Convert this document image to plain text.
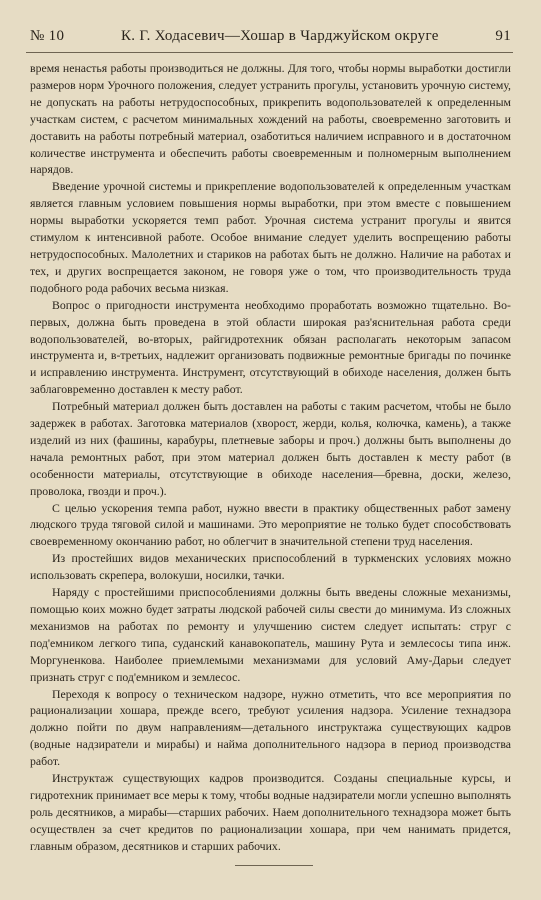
№ 10	К. Г. Ходасевич—Хошар в Чарджуйском округе	91

время ненастья работы производиться не должны. Для того, чтобы нормы выработки достигли размеров норм Урочного положения, следует устранить прогулы, установить урочную систему, не допускать на работы нетрудоспособных, прикрепить водопользователей к определенным участкам систем, с расчетом минимальных хождений на работы, своевременно заготовить и доставить на работы потребный материал, озаботиться наличием исправного и в достаточном количестве инструмента и обеспечить работы своевременным и полномерным выполнением нарядов.

Введение урочной системы и прикрепление водопользователей к определенным участкам является главным условием повышения нормы выработки, при этом вместе с повышением нормы выработки ускоряется темп работ. Урочная система устранит прогулы и явится стимулом к интенсивной работе. Особое внимание следует уделить воспрещению работы нетрудоспособных. Малолетних и стариков на работах быть не должно. Наличие на работах и тех, и других воспрещается законом, не говоря уже о том, что производительность труда подобного рода рабочих весьма низкая.

Вопрос о пригодности инструмента необходимо проработать возможно тщательно. Во-первых, должна быть проведена в этой области широкая раз'яснительная работа среди водопользователей, во-вторых, райгидротехник обязан располагать некоторым запасом инструмента и, в-третьих, надлежит организовать подвижные ремонтные бригады по починке и исправлению инструмента. Инструмент, отсутствующий в обиходе населения, должен быть заблаговременно доставлен к месту работ.

Потребный материал должен быть доставлен на работы с таким расчетом, чтобы не было задержек в работах. Заготовка материалов (хворост, жерди, колья, колючка, камень), а также изделий из них (фашины, карабуры, плетневые заборы и проч.) должны быть выполнены до начала ремонтных работ, при этом материал должен быть доставлен к месту работ (в особенности материалы, отсутствующие в обиходе населения—бревна, доски, железо, проволока, гвозди и проч.).

С целью ускорения темпа работ, нужно ввести в практику общественных работ замену людского труда тяговой силой и машинами. Это мероприятие не только будет способствовать своевременному окончанию работ, но облегчит в значительной степени труд населения.

Из простейших видов механических приспособлений в туркменских условиях можно использовать скрепера, волокуши, носилки, тачки.

Наряду с простейшими приспособлениями должны быть введены сложные механизмы, помощью коих можно будет затраты людской рабочей силы свести до минимума. Из сложных механизмов на работах по ремонту и улучшению систем следует испытать: струг с под'емником легкого типа, суданский канавокопатель, машину Рута и землесосы типа инж. Моргуненкова. Наиболее приемлемыми механизмами для условий Аму-Дарьи следует признать струг с под'емником и землесос.

Переходя к вопросу о техническом надзоре, нужно отметить, что все мероприятия по рационализации хошара, прежде всего, требуют усиления надзора. Усиление технадзора должно пойти по двум направлениям—детального инструктажа существующих кадров (водные надзиратели и мирабы) и найма дополнительного надзора в период производства работ.

Инструктаж существующих кадров производится. Созданы специальные курсы, и гидротехник принимает все меры к тому, чтобы водные надзиратели могли успешно выполнять роль десятников, а мирабы—старших рабочих. Наем дополнительного технадзора может быть осуществлен за счет кредитов по рационализации хошара, при чем нанимать придется, главным образом, десятников и старших рабочих.
